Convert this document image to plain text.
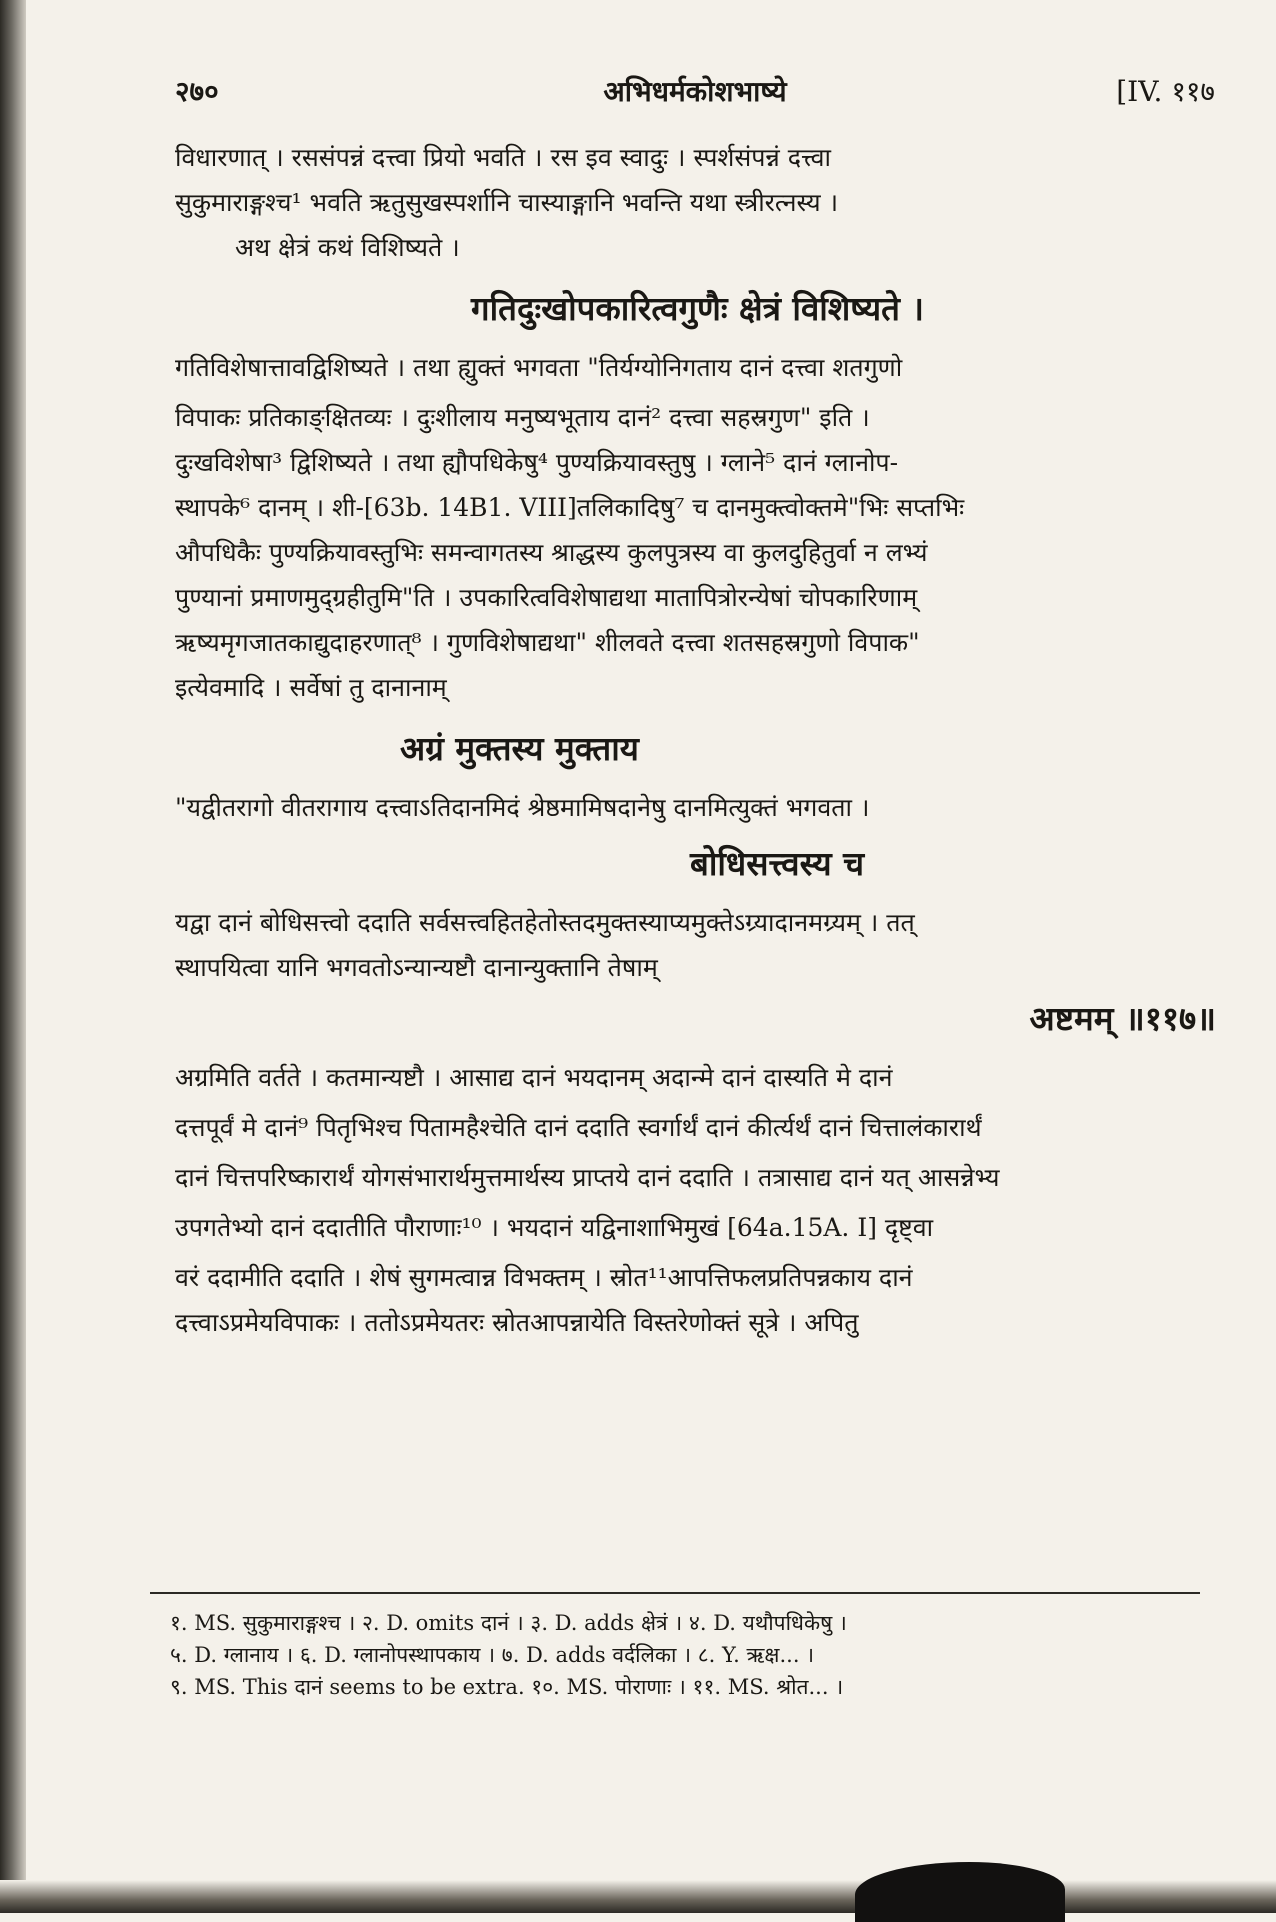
२७०	अभिधर्मकोशभाष्ये	[IV. ११७
विधारणात् । रससंपन्नं दत्त्वा प्रियो भवति । रस इव स्वादुः । स्पर्शसंपन्नं दत्त्वा
सुकुमाराङ्गश्च¹ भवति ऋतुसुखस्पर्शानि चास्याङ्गानि भवन्ति यथा स्त्रीरत्नस्य ।
अथ क्षेत्रं कथं विशिष्यते ।
गतिदुःखोपकारित्वगुणैः क्षेत्रं विशिष्यते ।
गतिविशेषात्तावद्विशिष्यते । तथा ह्युक्तं भगवता "तिर्यग्योनिगताय दानं दत्त्वा शतगुणो
विपाकः प्रतिकाङ्क्षितव्यः । दुःशीलाय मनुष्यभूताय दानं² दत्त्वा सहस्रगुण" इति ।
दुःखविशेषा³ द्विशिष्यते । तथा ह्यौपधिकेषु⁴ पुण्यक्रियावस्तुषु । ग्लाने⁵ दानं ग्लानोप-
स्थापके⁶ दानम् । शी-[63b. 14B1. VIII]तलिकादिषु⁷ च दानमुक्त्वोक्तमे"भिः सप्तभिः
औपधिकैः पुण्यक्रियावस्तुभिः समन्वागतस्य श्राद्धस्य कुलपुत्रस्य वा कुलदुहितुर्वा न लभ्यं
पुण्यानां प्रमाणमुद्ग्रहीतुमि"ति । उपकारित्वविशेषाद्यथा मातापित्रोरन्येषां चोपकारिणाम्
ऋष्यमृगजातकाद्युदाहरणात्⁸ । गुणविशेषाद्यथा" शीलवते दत्त्वा शतसहस्रगुणो विपाक"
इत्येवमादि । सर्वेषां तु दानानाम्
अग्रं मुक्तस्य मुक्ताय
"यद्वीतरागो वीतरागाय दत्त्वाऽतिदानमिदं श्रेष्ठमामिषदानेषु दानमित्युक्तं भगवता ।
बोधिसत्त्वस्य च
यद्वा दानं बोधिसत्त्वो ददाति सर्वसत्त्वहितहेतोस्तदमुक्तस्याप्यमुक्तेऽग्र्यादानमग्र्यम् । तत्
स्थापयित्वा यानि भगवतोऽन्यान्यष्टौ दानान्युक्तानि तेषाम्
अष्टमम् ॥११७॥
अग्रमिति वर्तते । कतमान्यष्टौ । आसाद्य दानं भयदानम् अदान्मे दानं दास्यति मे दानं
दत्तपूर्वं मे दानं⁹ पितृभिश्च पितामहैश्चेति दानं ददाति स्वर्गार्थं दानं कीर्त्यर्थं दानं चित्तालंकारार्थं
दानं चित्तपरिष्कारार्थं योगसंभारार्थमुत्तमार्थस्य प्राप्तये दानं ददाति । तत्रासाद्य दानं यत् आसन्नेभ्य
उपगतेभ्यो दानं ददातीति पौराणाः¹⁰ । भयदानं यद्विनाशाभिमुखं [64a.15A. I] दृष्ट्वा
वरं ददामीति ददाति । शेषं सुगमत्वान्न विभक्तम् । स्रोत¹¹आपत्तिफलप्रतिपन्नकाय दानं
दत्त्वाऽप्रमेयविपाकः । ततोऽप्रमेयतरः स्रोतआपन्नायेति विस्तरेणोक्तं सूत्रे । अपितु
१. MS. सुकुमाराङ्गश्च । २. D. omits दानं । ३. D. adds क्षेत्रं । ४. D. यथौपधिकेषु ।
५. D. ग्लानाय । ६. D. ग्लानोपस्थापकाय । ७. D. adds वर्दलिका । ८. Y. ऋक्ष... ।
९. MS. This दानं seems to be extra. १०. MS. पोराणाः । ११. MS. श्रोत... ।
